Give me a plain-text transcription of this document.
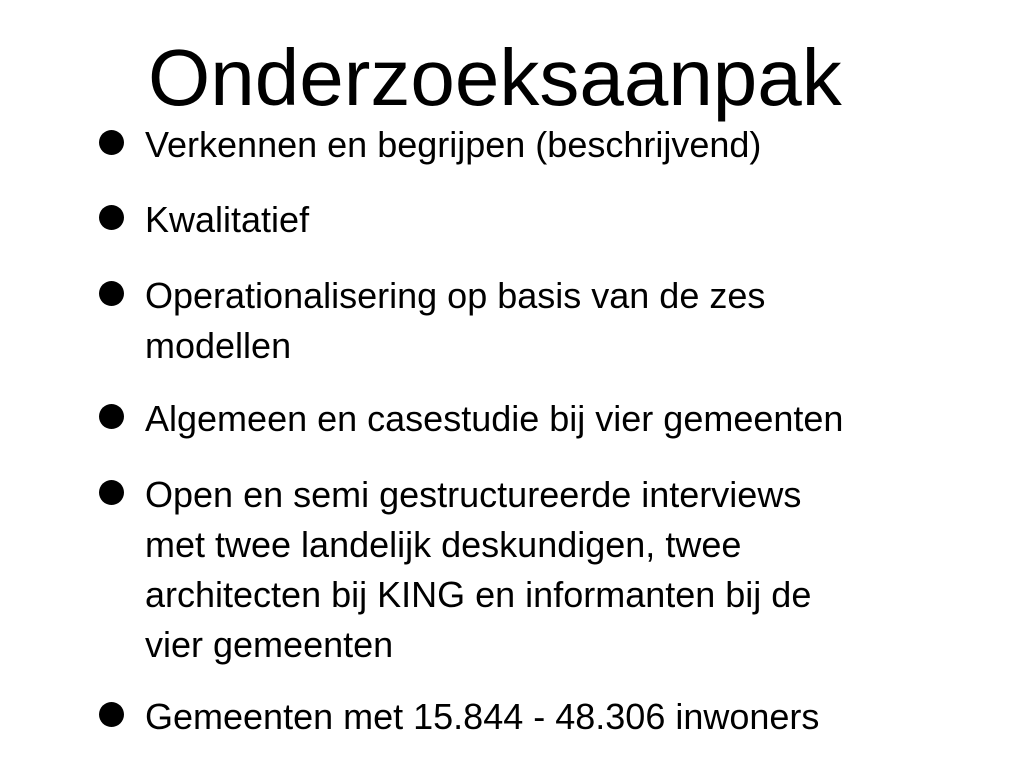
Onderzoeksaanpak
Verkennen en begrijpen (beschrijvend)
Kwalitatief
Operationalisering op basis van de zes
modellen
Algemeen en casestudie bij vier gemeenten
Open en semi gestructureerde interviews
met twee landelijk deskundigen, twee
architecten bij KING en informanten bij de
vier gemeenten
Gemeenten met 15.844 - 48.306 inwoners
